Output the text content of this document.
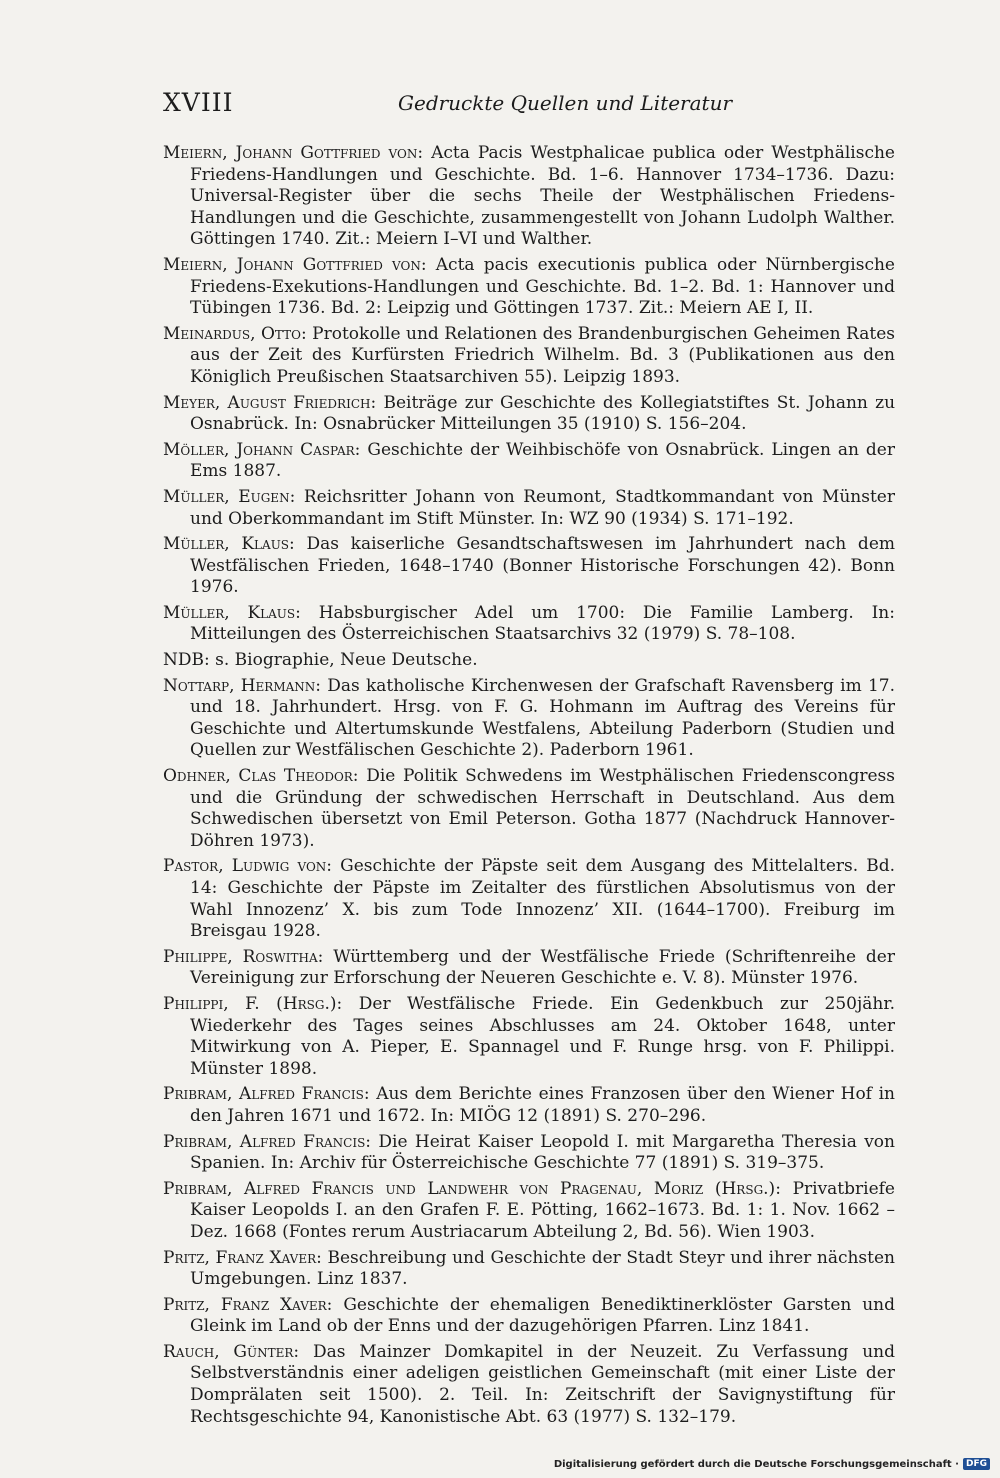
XVIII	Gedruckte Quellen und Literatur

Meiern, Johann Gottfried von: Acta Pacis Westphalicae publica oder Westphälische Friedens-Handlungen und Geschichte. Bd. 1–6. Hannover 1734–1736. Dazu: Universal-Register über die sechs Theile der Westphälischen Friedens-Handlungen und die Geschichte, zusammengestellt von Johann Ludolph Walther. Göttingen 1740. Zit.: Meiern I–VI und Walther.

Meiern, Johann Gottfried von: Acta pacis executionis publica oder Nürnbergische Friedens-Exekutions-Handlungen und Geschichte. Bd. 1–2. Bd. 1: Hannover und Tübingen 1736. Bd. 2: Leipzig und Göttingen 1737. Zit.: Meiern AE I, II.

Meinardus, Otto: Protokolle und Relationen des Brandenburgischen Geheimen Rates aus der Zeit des Kurfürsten Friedrich Wilhelm. Bd. 3 (Publikationen aus den Königlich Preußischen Staatsarchiven 55). Leipzig 1893.

Meyer, August Friedrich: Beiträge zur Geschichte des Kollegiatstiftes St. Johann zu Osnabrück. In: Osnabrücker Mitteilungen 35 (1910) S. 156–204.

Möller, Johann Caspar: Geschichte der Weihbischöfe von Osnabrück. Lingen an der Ems 1887.

Müller, Eugen: Reichsritter Johann von Reumont, Stadtkommandant von Münster und Oberkommandant im Stift Münster. In: WZ 90 (1934) S. 171–192.

Müller, Klaus: Das kaiserliche Gesandtschaftswesen im Jahrhundert nach dem Westfälischen Frieden, 1648–1740 (Bonner Historische Forschungen 42). Bonn 1976.

Müller, Klaus: Habsburgischer Adel um 1700: Die Familie Lamberg. In: Mitteilungen des Österreichischen Staatsarchivs 32 (1979) S. 78–108.

NDB: s. Biographie, Neue Deutsche.

Nottarp, Hermann: Das katholische Kirchenwesen der Grafschaft Ravensberg im 17. und 18. Jahrhundert. Hrsg. von F. G. Hohmann im Auftrag des Vereins für Geschichte und Altertumskunde Westfalens, Abteilung Paderborn (Studien und Quellen zur Westfälischen Geschichte 2). Paderborn 1961.

Odhner, Clas Theodor: Die Politik Schwedens im Westphälischen Friedenscongress und die Gründung der schwedischen Herrschaft in Deutschland. Aus dem Schwedischen übersetzt von Emil Peterson. Gotha 1877 (Nachdruck Hannover-Döhren 1973).

Pastor, Ludwig von: Geschichte der Päpste seit dem Ausgang des Mittelalters. Bd. 14: Geschichte der Päpste im Zeitalter des fürstlichen Absolutismus von der Wahl Innozenz’ X. bis zum Tode Innozenz’ XII. (1644–1700). Freiburg im Breisgau 1928.

Philippe, Roswitha: Württemberg und der Westfälische Friede (Schriftenreihe der Vereinigung zur Erforschung der Neueren Geschichte e. V. 8). Münster 1976.

Philippi, F. (Hrsg.): Der Westfälische Friede. Ein Gedenkbuch zur 250jähr. Wiederkehr des Tages seines Abschlusses am 24. Oktober 1648, unter Mitwirkung von A. Pieper, E. Spannagel und F. Runge hrsg. von F. Philippi. Münster 1898.

Pribram, Alfred Francis: Aus dem Berichte eines Franzosen über den Wiener Hof in den Jahren 1671 und 1672. In: MIÖG 12 (1891) S. 270–296.

Pribram, Alfred Francis: Die Heirat Kaiser Leopold I. mit Margaretha Theresia von Spanien. In: Archiv für Österreichische Geschichte 77 (1891) S. 319–375.

Pribram, Alfred Francis und Landwehr von Pragenau, Moriz (Hrsg.): Privatbriefe Kaiser Leopolds I. an den Grafen F. E. Pötting, 1662–1673. Bd. 1: 1. Nov. 1662 – Dez. 1668 (Fontes rerum Austriacarum Abteilung 2, Bd. 56). Wien 1903.

Pritz, Franz Xaver: Beschreibung und Geschichte der Stadt Steyr und ihrer nächsten Umgebungen. Linz 1837.

Pritz, Franz Xaver: Geschichte der ehemaligen Benediktinerklöster Garsten und Gleink im Land ob der Enns und der dazugehörigen Pfarren. Linz 1841.

Rauch, Günter: Das Mainzer Domkapitel in der Neuzeit. Zu Verfassung und Selbstverständnis einer adeligen geistlichen Gemeinschaft (mit einer Liste der Domprälaten seit 1500). 2. Teil. In: Zeitschrift der Savignystiftung für Rechtsgeschichte 94, Kanonistische Abt. 63 (1977) S. 132–179.

Digitalisierung gefördert durch die Deutsche Forschungsgemeinschaft · DFG
